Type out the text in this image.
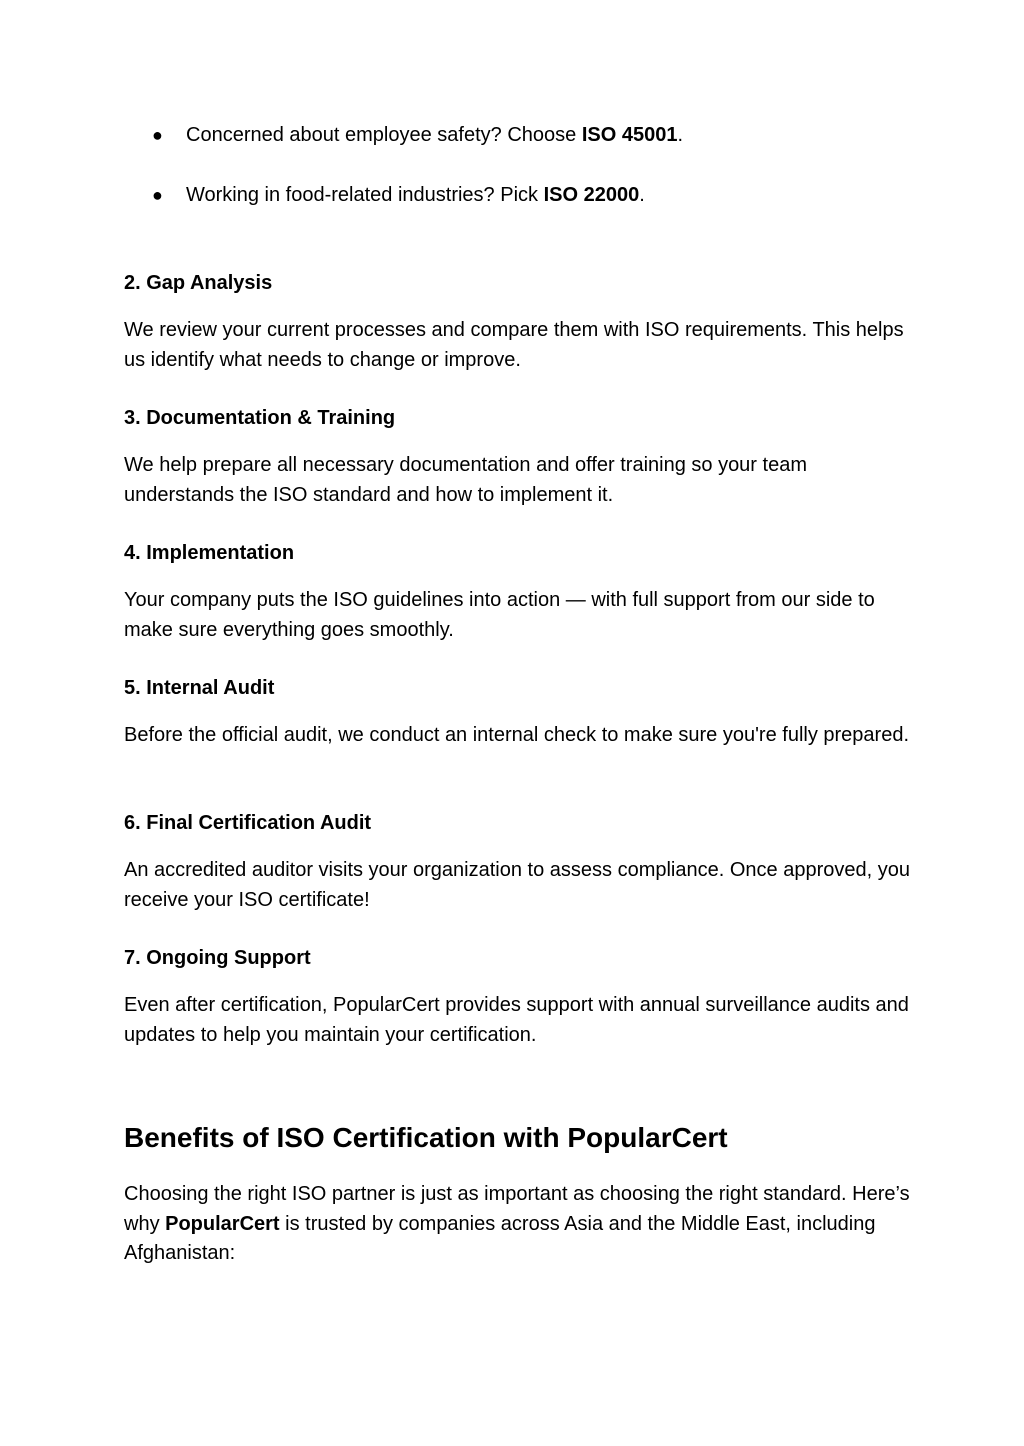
● Concerned about employee safety? Choose ISO 45001.
● Working in food-related industries? Pick ISO 22000.
2. Gap Analysis

We review your current processes and compare them with ISO requirements. This helps us identify what needs to change or improve.

3. Documentation & Training

We help prepare all necessary documentation and offer training so your team understands the ISO standard and how to implement it.

4. Implementation

Your company puts the ISO guidelines into action — with full support from our side to make sure everything goes smoothly.

5. Internal Audit

Before the official audit, we conduct an internal check to make sure you're fully prepared.

6. Final Certification Audit

An accredited auditor visits your organization to assess compliance. Once approved, you receive your ISO certificate!

7. Ongoing Support

Even after certification, PopularCert provides support with annual surveillance audits and updates to help you maintain your certification.

Benefits of ISO Certification with PopularCert

Choosing the right ISO partner is just as important as choosing the right standard. Here’s why PopularCert is trusted by companies across Asia and the Middle East, including Afghanistan:
